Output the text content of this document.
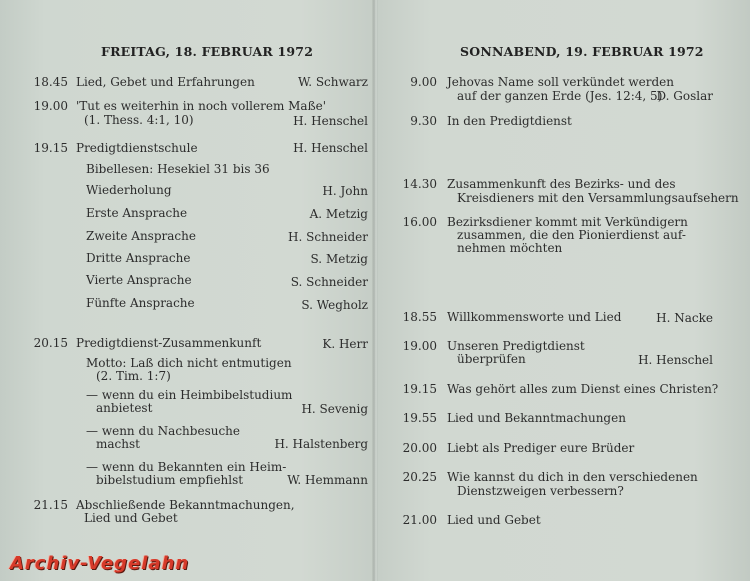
FREITAG, 18. FEBRUAR 1972
18.45 Lied, Gebet und Erfahrungen	W. Schwarz
19.00 'Tut es weiterhin in noch vollerem Maße'
(1. Thess. 4:1, 10)	H. Henschel
19.15 Predigtdienstschule	H. Henschel
Bibellesen: Hesekiel 31 bis 36
Wiederholung	H. John
Erste Ansprache	A. Metzig
Zweite Ansprache	H. Schneider
Dritte Ansprache	S. Metzig
Vierte Ansprache	S. Schneider
Fünfte Ansprache	S. Wegholz
20.15 Predigtdienst-Zusammenkunft	K. Herr
Motto: Laß dich nicht entmutigen
(2. Tim. 1:7)
— wenn du ein Heimbibelstudium
anbietest	H. Sevenig
— wenn du Nachbesuche
machst	H. Halstenberg
— wenn du Bekannten ein Heim-
bibelstudium empfiehlst	W. Hemmann
21.15 Abschließende Bekanntmachungen,
Lied und Gebet
SONNABEND, 19. FEBRUAR 1972
9.00 Jehovas Name soll verkündet werden
auf der ganzen Erde (Jes. 12:4, 5)
D. Goslar
9.30 In den Predigtdienst
14.30 Zusammenkunft des Bezirks- und des
Kreisdieners mit den Versammlungsaufsehern
16.00 Bezirksdiener kommt mit Verkündigern
zusammen, die den Pionierdienst auf-
nehmen möchten
18.55 Willkommensworte und Lied	H. Nacke
19.00 Unseren Predigtdienst
überprüfen	H. Henschel
19.15 Was gehört alles zum Dienst eines Christen?
19.55 Lied und Bekanntmachungen
20.00 Liebt als Prediger eure Brüder
20.25 Wie kannst du dich in den verschiedenen
Dienstzweigen verbessern?
21.00 Lied und Gebet
Archiv-Vegelahn
